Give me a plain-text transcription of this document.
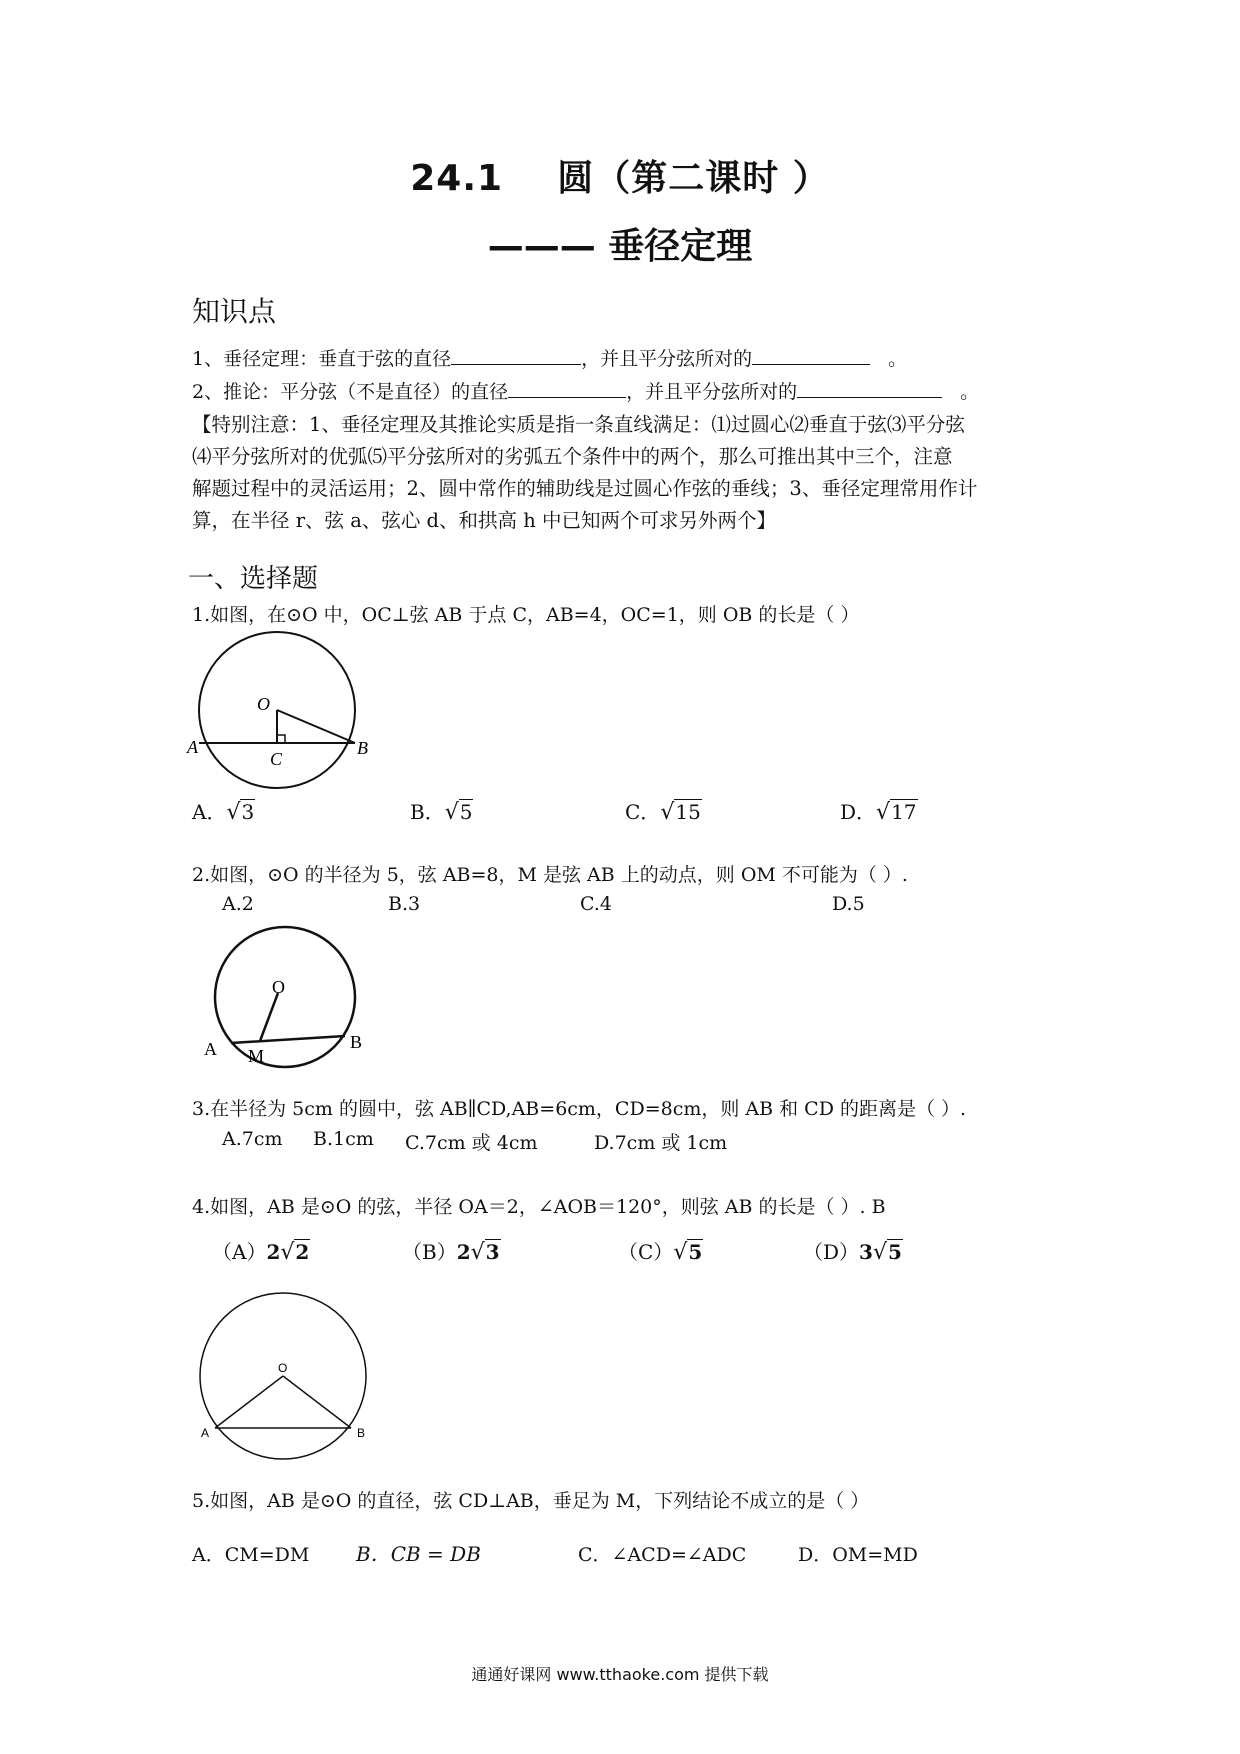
24.1    圆（第二课时 ）
——— 垂径定理
知识点
1、垂径定理：垂直于弦的直径	，并且平分弦所对的	。
2、推论：平分弦（不是直径）的直径	，并且平分弦所对的	。
【特别注意：1、垂径定理及其推论实质是指一条直线满足：⑴过圆心⑵垂直于弦⑶平分弦
⑷平分弦所对的优弧⑸平分弦所对的劣弧五个条件中的两个，那么可推出其中三个，注意
解题过程中的灵活运用；2、圆中常作的辅助线是过圆心作弦的垂线；3、垂径定理常用作计
算，在半径 r、弦 a、弦心 d、和拱高 h 中已知两个可求另外两个】
一、选择题
1.如图，在⊙O 中，OC⊥弦 AB 于点 C，AB=4，OC=1，则 OB 的长是（ ）
O
A	B
C
A．√3	B．√5	C．√15	D．√17
2.如图，⊙O 的半径为 5，弦 AB=8，M 是弦 AB 上的动点，则 OM 不可能为（ ）.
A.2	B.3	C.4	D.5
O
A	B
M
3.在半径为 5cm 的圆中，弦 AB∥CD,AB=6cm，CD=8cm，则 AB 和 CD 的距离是（ ）.
A.7cm B.1cm C.7cm 或 4cm	D.7cm 或 1cm
4.如图，AB 是⊙O 的弦，半径 OA＝2，∠AOB＝120°，则弦 AB 的长是（ ）. B
（A）2√2	（B）2√3	（C）√5	（D）3√5
O
A	B
5.如图，AB 是⊙O 的直径，弦 CD⊥AB，垂足为 M，下列结论不成立的是（ ）
A．CM=DM B．CB = DB	C．∠ACD=∠ADC	D．OM=MD
通通好课网 www.tthaoke.com 提供下载
